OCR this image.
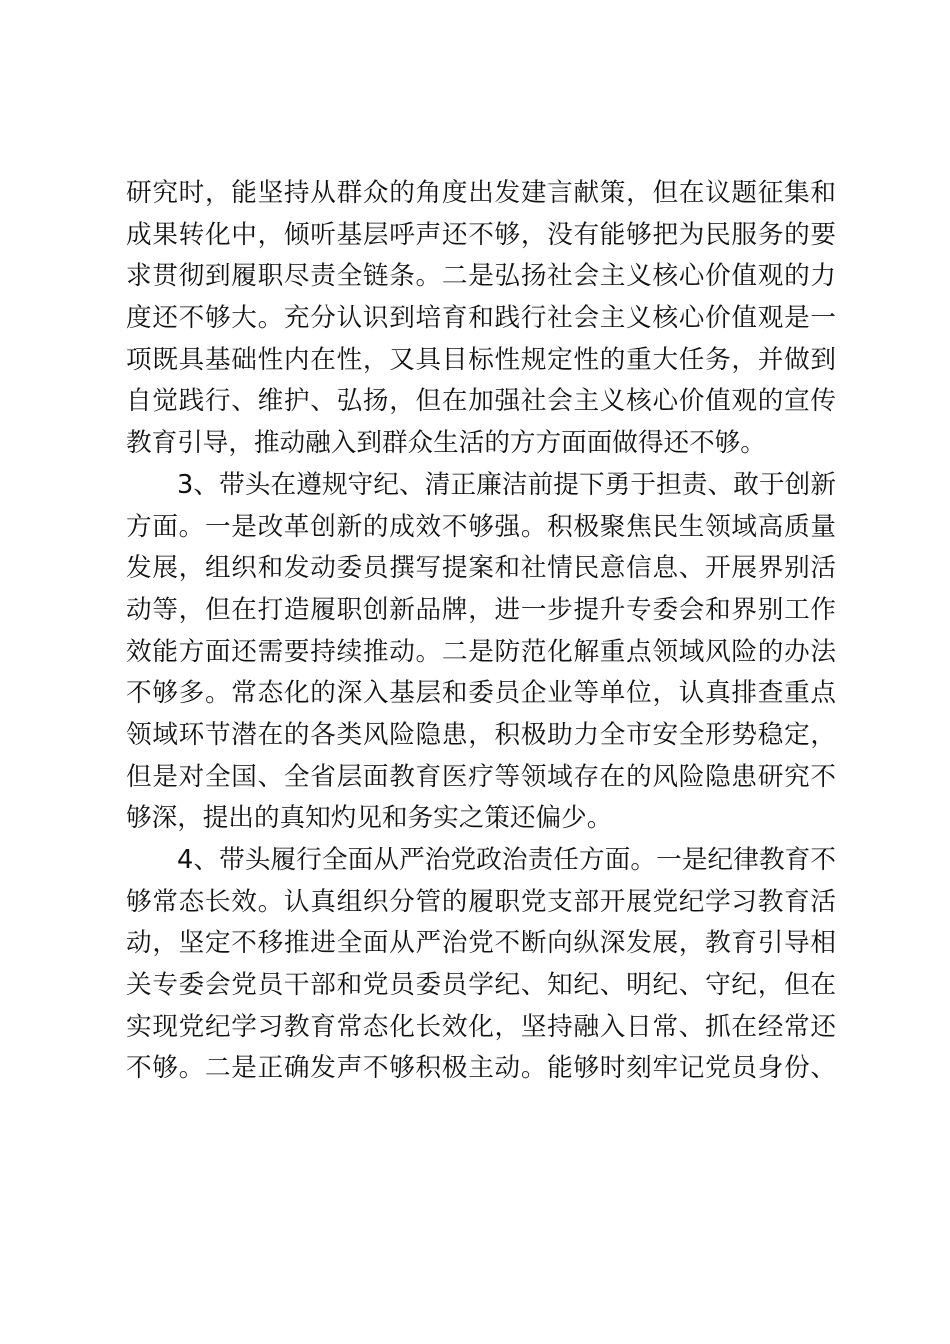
研究时，能坚持从群众的角度出发建言献策，但在议题征集和
成果转化中，倾听基层呼声还不够，没有能够把为民服务的要
求贯彻到履职尽责全链条。二是弘扬社会主义核心价值观的力
度还不够大。充分认识到培育和践行社会主义核心价值观是一
项既具基础性内在性，又具目标性规定性的重大任务，并做到
自觉践行、维护、弘扬，但在加强社会主义核心价值观的宣传
教育引导，推动融入到群众生活的方方面面做得还不够。
3、带头在遵规守纪、清正廉洁前提下勇于担责、敢于创新
方面。一是改革创新的成效不够强。积极聚焦民生领域高质量
发展，组织和发动委员撰写提案和社情民意信息、开展界别活
动等，但在打造履职创新品牌，进一步提升专委会和界别工作
效能方面还需要持续推动。二是防范化解重点领域风险的办法
不够多。常态化的深入基层和委员企业等单位，认真排查重点
领域环节潜在的各类风险隐患，积极助力全市安全形势稳定，
但是对全国、全省层面教育医疗等领域存在的风险隐患研究不
够深，提出的真知灼见和务实之策还偏少。
4、带头履行全面从严治党政治责任方面。一是纪律教育不
够常态长效。认真组织分管的履职党支部开展党纪学习教育活
动，坚定不移推进全面从严治党不断向纵深发展，教育引导相
关专委会党员干部和党员委员学纪、知纪、明纪、守纪，但在
实现党纪学习教育常态化长效化，坚持融入日常、抓在经常还
不够。二是正确发声不够积极主动。能够时刻牢记党员身份、
